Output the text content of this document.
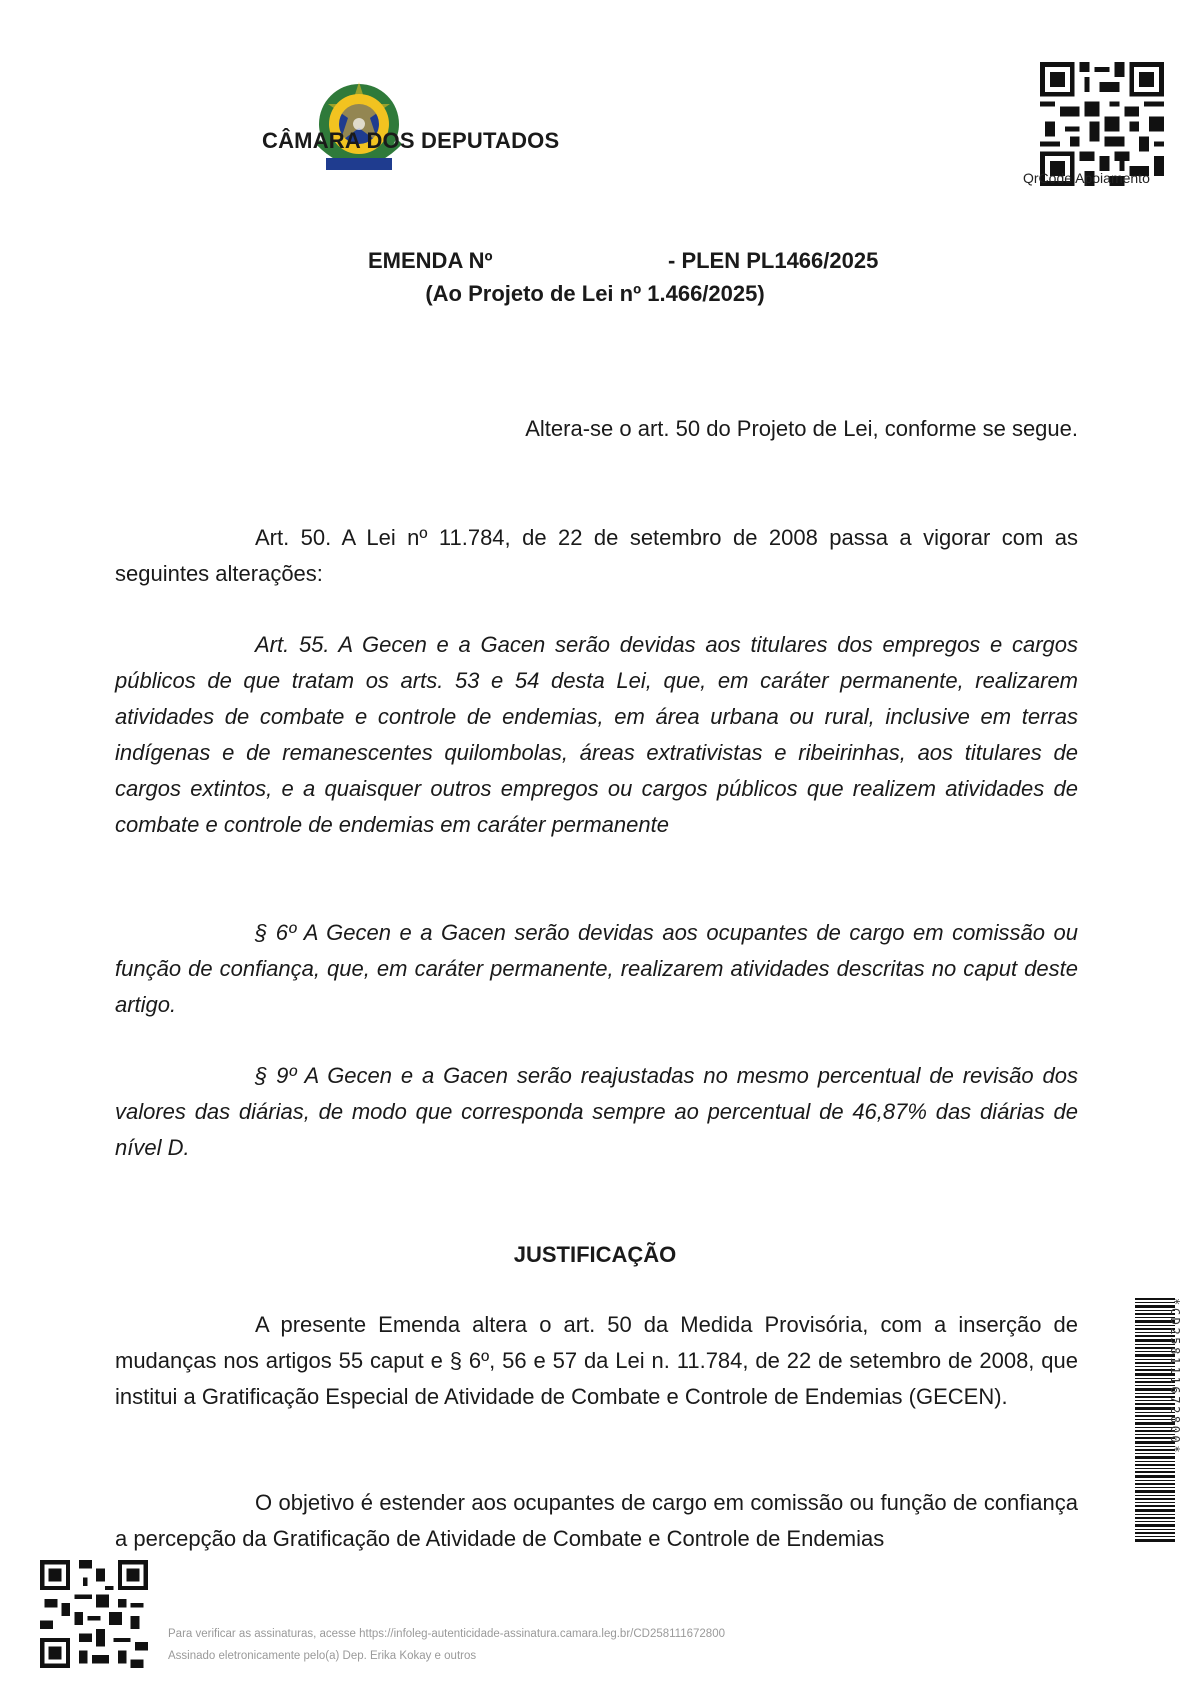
CÂMARA DOS DEPUTADOS
QrCode Apoiamento
EMENDA Nº	- PLEN PL1466/2025
(Ao Projeto de Lei nº 1.466/2025)
Altera-se o art. 50 do Projeto de Lei, conforme se segue.
Art. 50. A Lei nº 11.784, de 22 de setembro de 2008 passa a vigorar com as seguintes alterações:
Art. 55. A Gecen e a Gacen serão devidas aos titulares dos empregos e cargos públicos de que tratam os arts. 53 e 54 desta Lei, que, em caráter permanente, realizarem atividades de combate e controle de endemias, em área urbana ou rural, inclusive em terras indígenas e de remanescentes quilombolas, áreas extrativistas e ribeirinhas, aos titulares de cargos extintos, e a quaisquer outros empregos ou cargos públicos que realizem atividades de combate e controle de endemias em caráter permanente
§ 6º A Gecen e a Gacen serão devidas aos ocupantes de cargo em comissão ou função de confiança, que, em caráter permanente, realizarem atividades descritas no caput deste artigo.
§ 9º A Gecen e a Gacen serão reajustadas no mesmo percentual de revisão dos valores das diárias, de modo que corresponda sempre ao percentual de 46,87% das diárias de nível D.
JUSTIFICAÇÃO
A presente Emenda altera o art. 50 da Medida Provisória, com a inserção de mudanças nos artigos 55 caput e § 6º, 56 e 57 da Lei n. 11.784, de 22 de setembro de 2008, que institui a Gratificação Especial de Atividade de Combate e Controle de Endemias (GECEN).
O objetivo é estender aos ocupantes de cargo em comissão ou função de confiança a percepção da Gratificação de Atividade de Combate e Controle de Endemias
*CD258111672800*
Para verificar as assinaturas, acesse https://infoleg-autenticidade-assinatura.camara.leg.br/CD258111672800
Assinado eletronicamente pelo(a) Dep. Erika Kokay e outros
